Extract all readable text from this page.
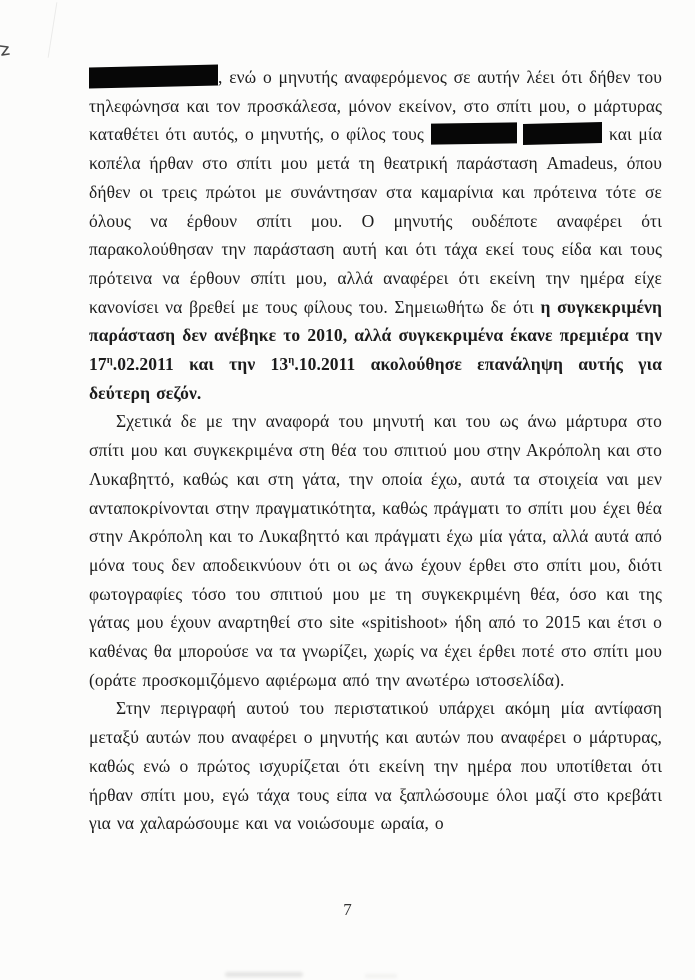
, ενώ ο μηνυτής αναφερόμενος σε αυτήν λέει ότι δήθεν του τηλεφώνησα και τον προσκάλεσα, μόνον εκείνον, στο σπίτι μου, ο μάρτυρας καταθέτει ότι αυτός, ο μηνυτής, ο φίλος τους	και μία κοπέλα ήρθαν στο σπίτι μου μετά τη θεατρική παράσταση Amadeus, όπου δήθεν οι τρεις πρώτοι με συνάντησαν στα καμαρίνια και πρότεινα τότε σε όλους να έρθουν σπίτι μου. Ο μηνυτής ουδέποτε αναφέρει ότι παρακολούθησαν την παράσταση αυτή και ότι τάχα εκεί τους είδα και τους πρότεινα να έρθουν σπίτι μου, αλλά αναφέρει ότι εκείνη την ημέρα είχε κανονίσει να βρεθεί με τους φίλους του. Σημειωθήτω δε ότι η συγκεκριμένη παράσταση δεν ανέβηκε το 2010, αλλά συγκεκριμένα έκανε πρεμιέρα την $17^\eta.02.2011$ και την $13^\eta.10.2011$ ακολούθησε επανάληψη αυτής για δεύτερη σεζόν.

Σχετικά δε με την αναφορά του μηνυτή και του ως άνω μάρτυρα στο σπίτι μου και συγκεκριμένα στη θέα του σπιτιού μου στην Ακρόπολη και στο Λυκαβηττό, καθώς και στη γάτα, την οποία έχω, αυτά τα στοιχεία ναι μεν ανταποκρίνονται στην πραγματικότητα, καθώς πράγματι το σπίτι μου έχει θέα στην Ακρόπολη και το Λυκαβηττό και πράγματι έχω μία γάτα, αλλά αυτά από μόνα τους δεν αποδεικνύουν ότι οι ως άνω έχουν έρθει στο σπίτι μου, διότι φωτογραφίες τόσο του σπιτιού μου με τη συγκεκριμένη θέα, όσο και της γάτας μου έχουν αναρτηθεί στο site «spitishoot» ήδη από το 2015 και έτσι ο καθένας θα μπορούσε να τα γνωρίζει, χωρίς να έχει έρθει ποτέ στο σπίτι μου (οράτε προσκομιζόμενο αφιέρωμα από την ανωτέρω ιστοσελίδα).

Στην περιγραφή αυτού του περιστατικού υπάρχει ακόμη μία αντίφαση μεταξύ αυτών που αναφέρει ο μηνυτής και αυτών που αναφέρει ο μάρτυρας, καθώς ενώ ο πρώτος ισχυρίζεται ότι εκείνη την ημέρα που υποτίθεται ότι ήρθαν σπίτι μου, εγώ τάχα τους είπα να ξαπλώσουμε όλοι μαζί στο κρεβάτι για να χαλαρώσουμε και να νοιώσουμε ωραία, ο

7
